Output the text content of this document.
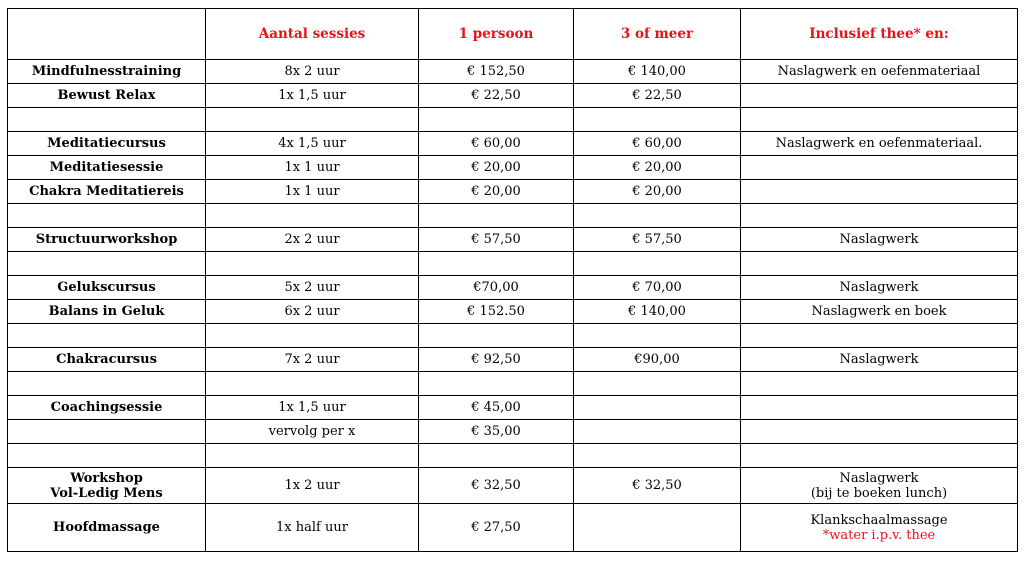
	Aantal sessies	1 persoon	3 of meer	Inclusief thee* en:
Mindfulnesstraining	8x 2 uur	€ 152,50	€ 140,00	Naslagwerk en oefenmateriaal
Bewust Relax	1x 1,5 uur	€ 22,50	€ 22,50	

Meditatiecursus	4x 1,5 uur	€ 60,00	€ 60,00	Naslagwerk en oefenmateriaal.
Meditatiesessie	1x 1 uur	€ 20,00	€ 20,00	
Chakra Meditatiereis	1x 1 uur	€ 20,00	€ 20,00	

Structuurworkshop	2x 2 uur	€ 57,50	€ 57,50	Naslagwerk

Gelukscursus	5x 2 uur	€70,00	€ 70,00	Naslagwerk
Balans in Geluk	6x 2 uur	€ 152.50	€ 140,00	Naslagwerk en boek

Chakracursus	7x 2 uur	€ 92,50	€90,00	Naslagwerk

Coachingsessie	1x 1,5 uur	€ 45,00		
	vervolg per x	€ 35,00		

Workshop
Vol-Ledig Mens	1x 2 uur	€ 32,50	€ 32,50	Naslagwerk
(bij te boeken lunch)

Hoofdmassage	1x half uur	€ 27,50		Klankschaalmassage
*water i.p.v. thee
